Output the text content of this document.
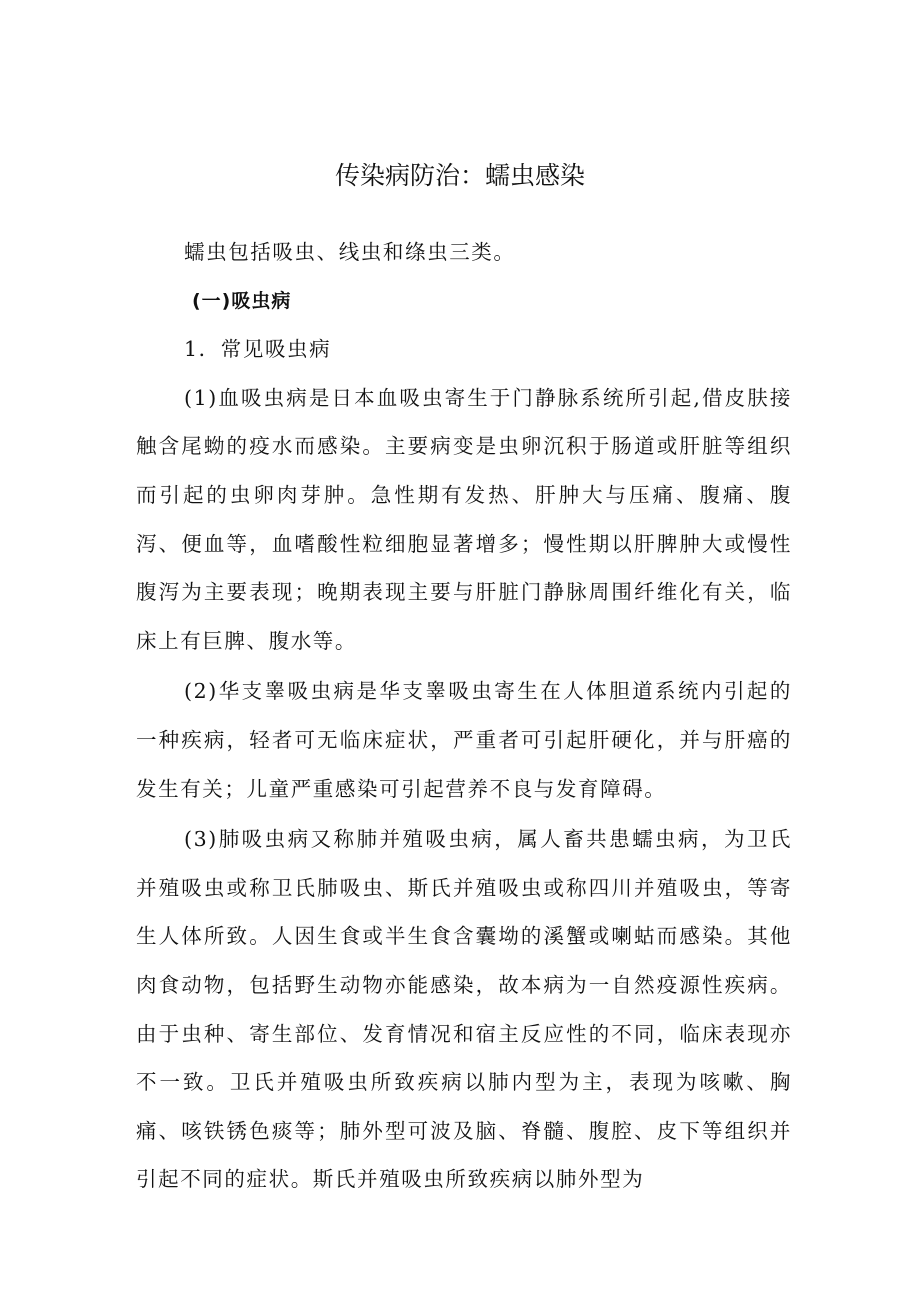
传染病防治：蠕虫感染

蠕虫包括吸虫、线虫和绦虫三类。

(一)吸虫病

1．常见吸虫病

(1)血吸虫病是日本血吸虫寄生于门静脉系统所引起,借皮肤接触含尾蚴的疫水而感染。主要病变是虫卵沉积于肠道或肝脏等组织而引起的虫卵肉芽肿。急性期有发热、肝肿大与压痛、腹痛、腹泻、便血等，血嗜酸性粒细胞显著增多；慢性期以肝脾肿大或慢性腹泻为主要表现；晚期表现主要与肝脏门静脉周围纤维化有关，临床上有巨脾、腹水等。

(2)华支睾吸虫病是华支睾吸虫寄生在人体胆道系统内引起的一种疾病，轻者可无临床症状，严重者可引起肝硬化，并与肝癌的发生有关；儿童严重感染可引起营养不良与发育障碍。

(3)肺吸虫病又称肺并殖吸虫病，属人畜共患蠕虫病，为卫氏并殖吸虫或称卫氏肺吸虫、斯氏并殖吸虫或称四川并殖吸虫，等寄生人体所致。人因生食或半生食含囊坳的溪蟹或喇蛄而感染。其他肉食动物，包括野生动物亦能感染，故本病为一自然疫源性疾病。由于虫种、寄生部位、发育情况和宿主反应性的不同，临床表现亦不一致。卫氏并殖吸虫所致疾病以肺内型为主，表现为咳嗽、胸痛、咳铁锈色痰等；肺外型可波及脑、脊髓、腹腔、皮下等组织并引起不同的症状。斯氏并殖吸虫所致疾病以肺外型为
